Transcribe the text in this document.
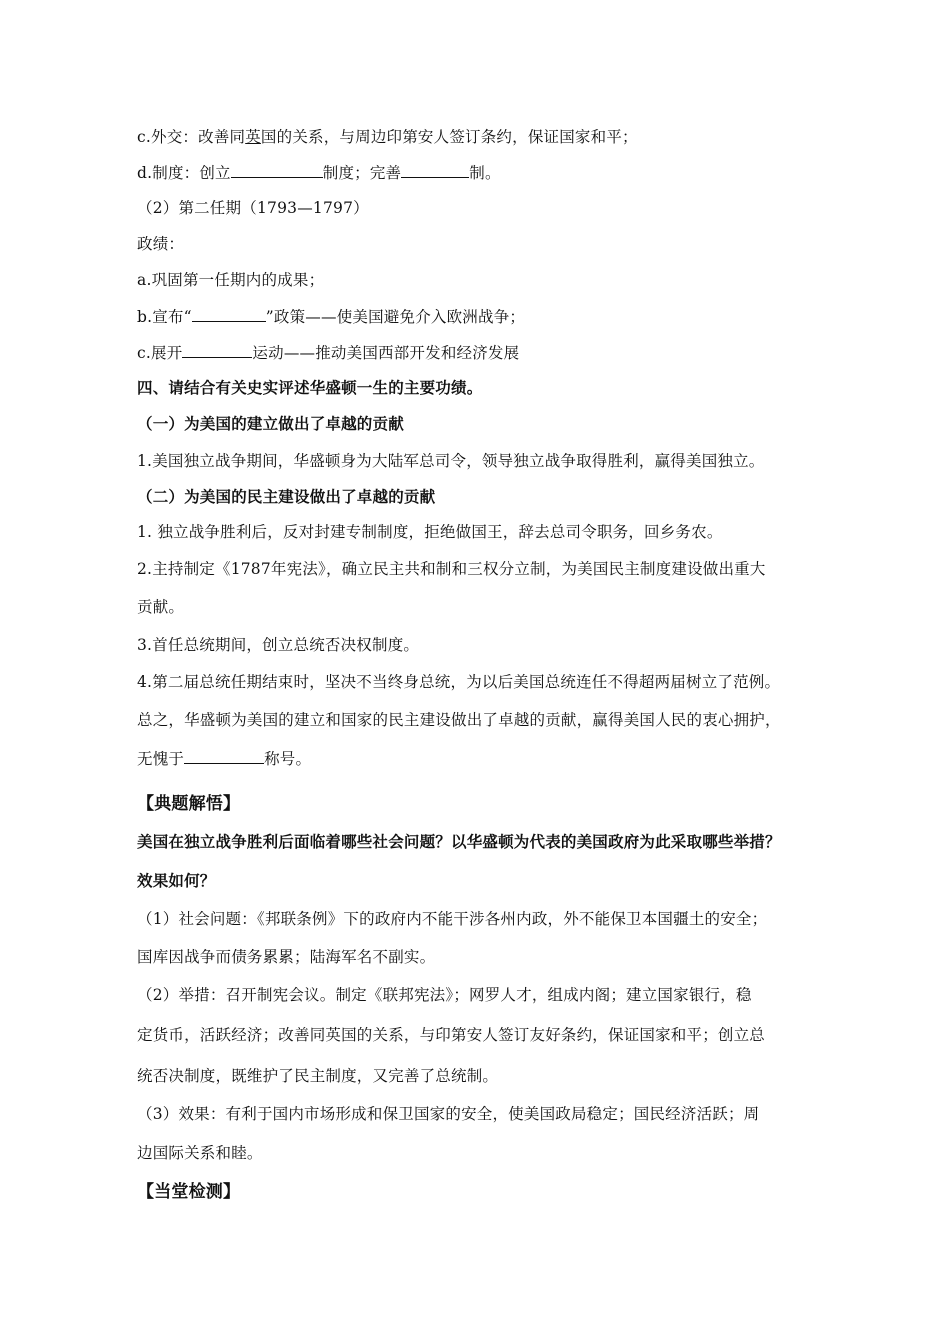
c.外交：改善同英国的关系，与周边印第安人签订条约，保证国家和平；
d.制度：创立	制度；完善	制。
（2）第二任期（1793—1797）
政绩：
a.巩固第一任期内的成果；
b.宣布“	”政策——使美国避免介入欧洲战争；
c.展开	运动——推动美国西部开发和经济发展
四、请结合有关史实评述华盛顿一生的主要功绩。
（一）为美国的建立做出了卓越的贡献
1.美国独立战争期间，华盛顿身为大陆军总司令，领导独立战争取得胜利，赢得美国独立。
（二）为美国的民主建设做出了卓越的贡献
1. 独立战争胜利后，反对封建专制制度，拒绝做国王，辞去总司令职务，回乡务农。
2.主持制定《1787年宪法》，确立民主共和制和三权分立制，为美国民主制度建设做出重大
贡献。
3.首任总统期间，创立总统否决权制度。
4.第二届总统任期结束时，坚决不当终身总统，为以后美国总统连任不得超两届树立了范例。
总之，华盛顿为美国的建立和国家的民主建设做出了卓越的贡献，赢得美国人民的衷心拥护，
无愧于	称号。
【典题解悟】
美国在独立战争胜利后面临着哪些社会问题？以华盛顿为代表的美国政府为此采取哪些举措？
效果如何？
（1）社会问题：《邦联条例》下的政府内不能干涉各州内政，外不能保卫本国疆土的安全；
国库因战争而债务累累；陆海军名不副实。
（2）举措：召开制宪会议。制定《联邦宪法》；网罗人才，组成内阁；建立国家银行，稳
定货币，活跃经济；改善同英国的关系，与印第安人签订友好条约，保证国家和平；创立总
统否决制度，既维护了民主制度，又完善了总统制。
（3）效果：有利于国内市场形成和保卫国家的安全，使美国政局稳定；国民经济活跃；周
边国际关系和睦。
【当堂检测】
